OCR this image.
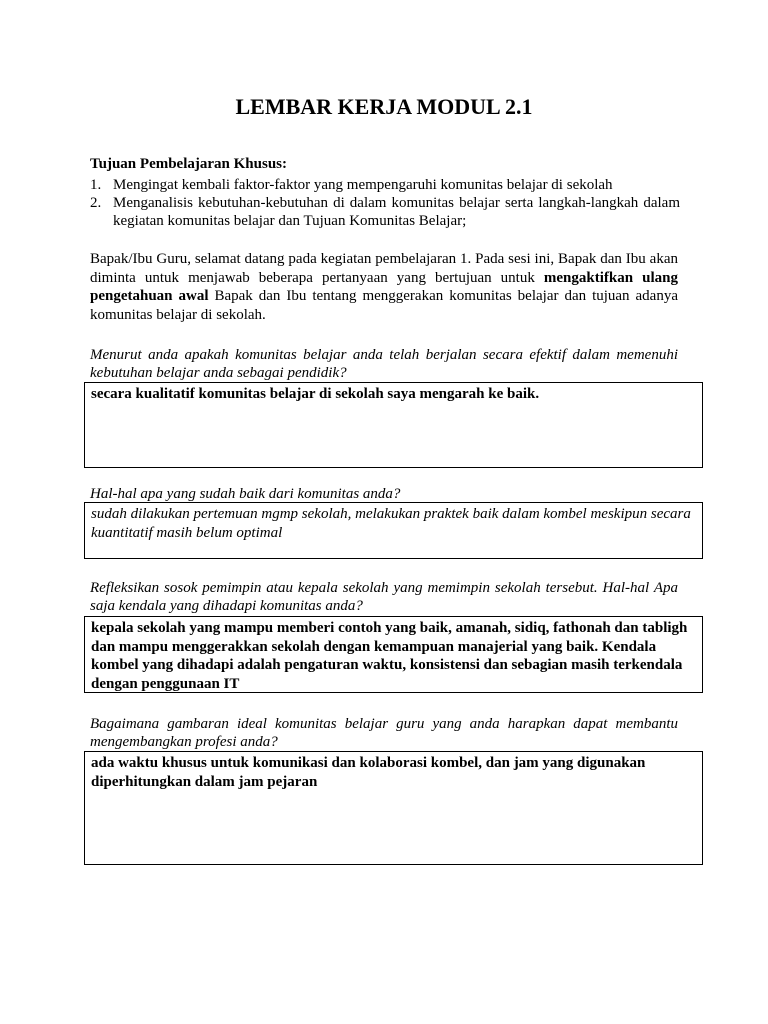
LEMBAR KERJA MODUL 2.1
Tujuan Pembelajaran Khusus:
1. Mengingat kembali faktor-faktor yang mempengaruhi komunitas belajar di sekolah
2. Menganalisis kebutuhan-kebutuhan di dalam komunitas belajar serta langkah-langkah dalam kegiatan komunitas belajar dan Tujuan Komunitas Belajar;

Bapak/Ibu Guru, selamat datang pada kegiatan pembelajaran 1. Pada sesi ini, Bapak dan Ibu akan diminta untuk menjawab beberapa pertanyaan yang bertujuan untuk mengaktifkan ulang pengetahuan awal Bapak dan Ibu tentang menggerakan komunitas belajar dan tujuan adanya komunitas belajar di sekolah.

Menurut anda apakah komunitas belajar anda telah berjalan secara efektif dalam memenuhi kebutuhan belajar anda sebagai pendidik?

secara kualitatif komunitas belajar di sekolah saya mengarah ke baik.

Hal-hal apa yang sudah baik dari komunitas anda?

sudah dilakukan pertemuan mgmp sekolah, melakukan praktek baik dalam kombel meskipun secara kuantitatif masih belum optimal

Refleksikan sosok pemimpin atau kepala sekolah yang memimpin sekolah tersebut. Hal-hal Apa saja kendala yang dihadapi komunitas anda?

kepala sekolah yang mampu memberi contoh yang baik, amanah, sidiq, fathonah dan tabligh dan mampu menggerakkan sekolah dengan kemampuan manajerial yang baik. Kendala kombel yang dihadapi adalah pengaturan waktu, konsistensi dan sebagian masih terkendala dengan penggunaan IT

Bagaimana gambaran ideal komunitas belajar guru yang anda harapkan dapat membantu mengembangkan profesi anda?

ada waktu khusus untuk komunikasi dan kolaborasi kombel, dan jam yang digunakan diperhitungkan dalam jam pejaran
